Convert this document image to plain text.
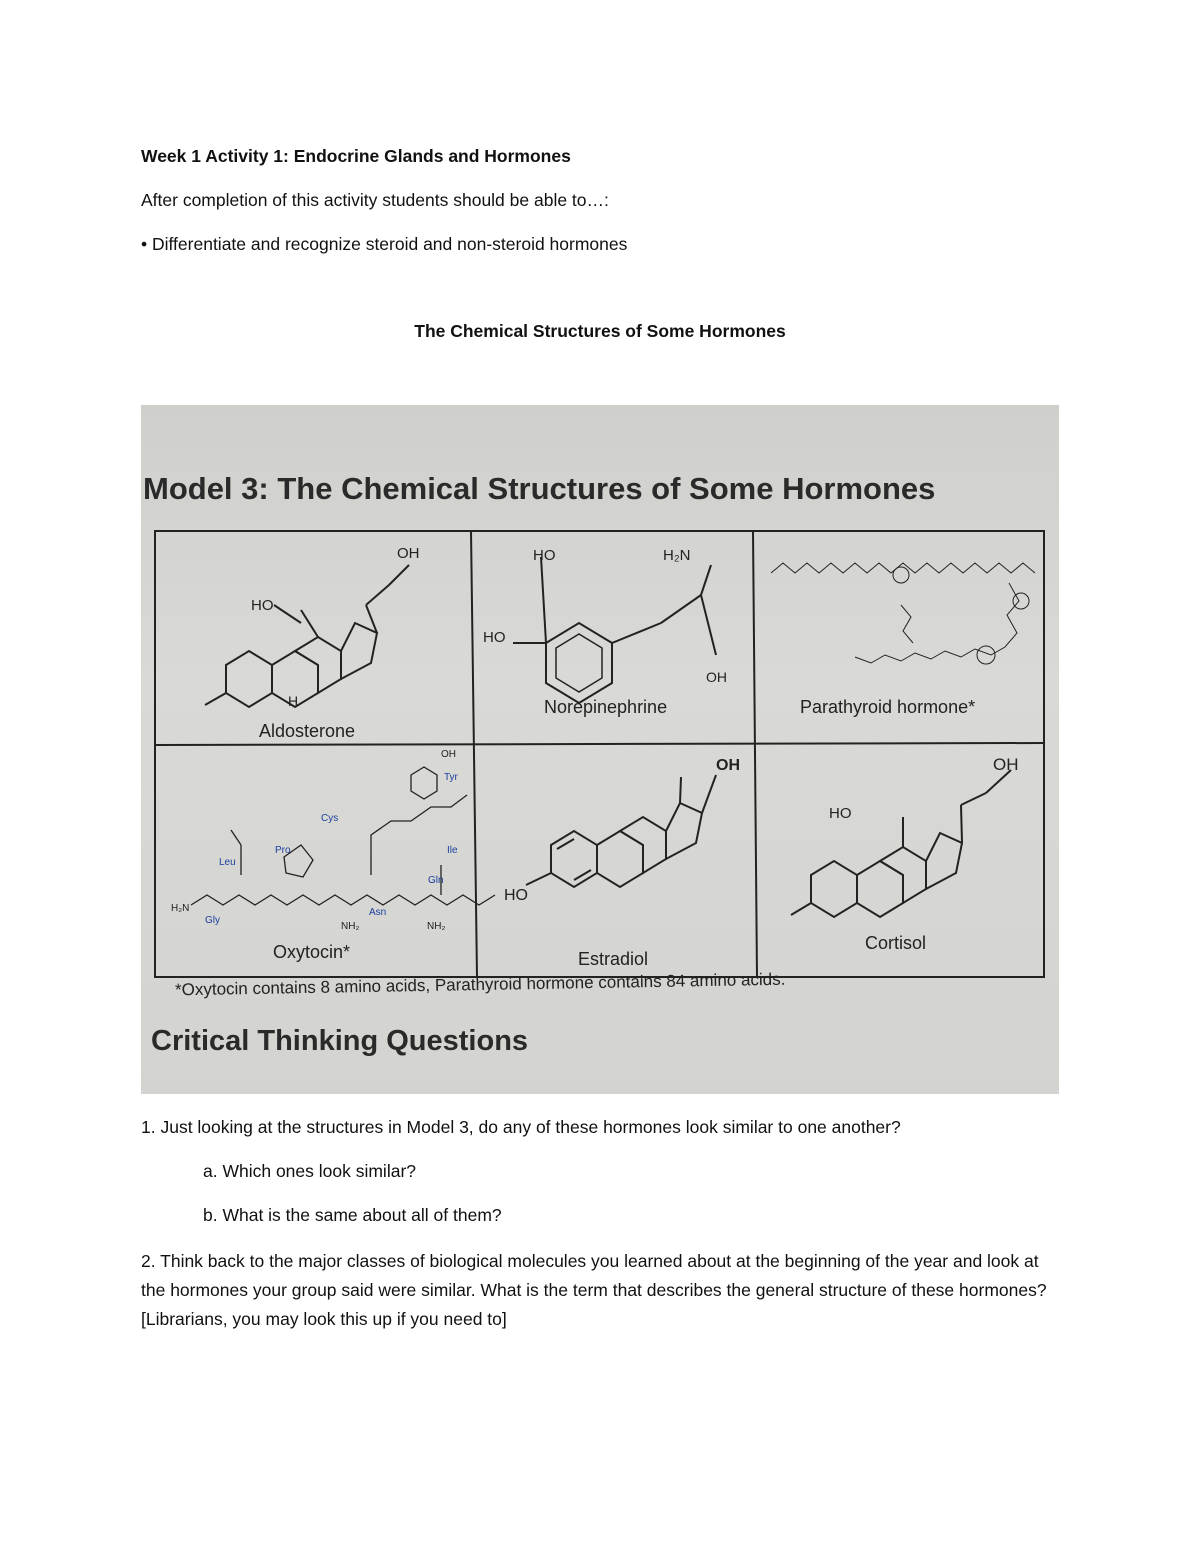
Week 1 Activity 1: Endocrine Glands and Hormones
After completion of this activity students should be able to…:
• Differentiate and recognize steroid and non-steroid hormones
The Chemical Structures of Some Hormones
Model 3: The Chemical Structures of Some Hormones
Aldosterone
Norepinephrine	Parathyroid hormone*
Oxytocin*	Estradiol
Cortisol
OH
HO
H
HO	H₂N
HO
OH
OH
HO
OH
HO
OH
Tyr
Cys
Pro	Ile
Gln
Asn
Leu
Gly
H₂N
NH₂	NH₂
*Oxytocin contains 8 amino acids, Parathyroid hormone contains 84 amino acids.
Critical Thinking Questions
1. Just looking at the structures in Model 3, do any of these hormones look similar to one another?
a. Which ones look similar?
b. What is the same about all of them?
2. Think back to the major classes of biological molecules you learned about at the beginning of the year and look at the hormones your group said were similar. What is the term that describes the general structure of these hormones? [Librarians, you may look this up if you need to]
